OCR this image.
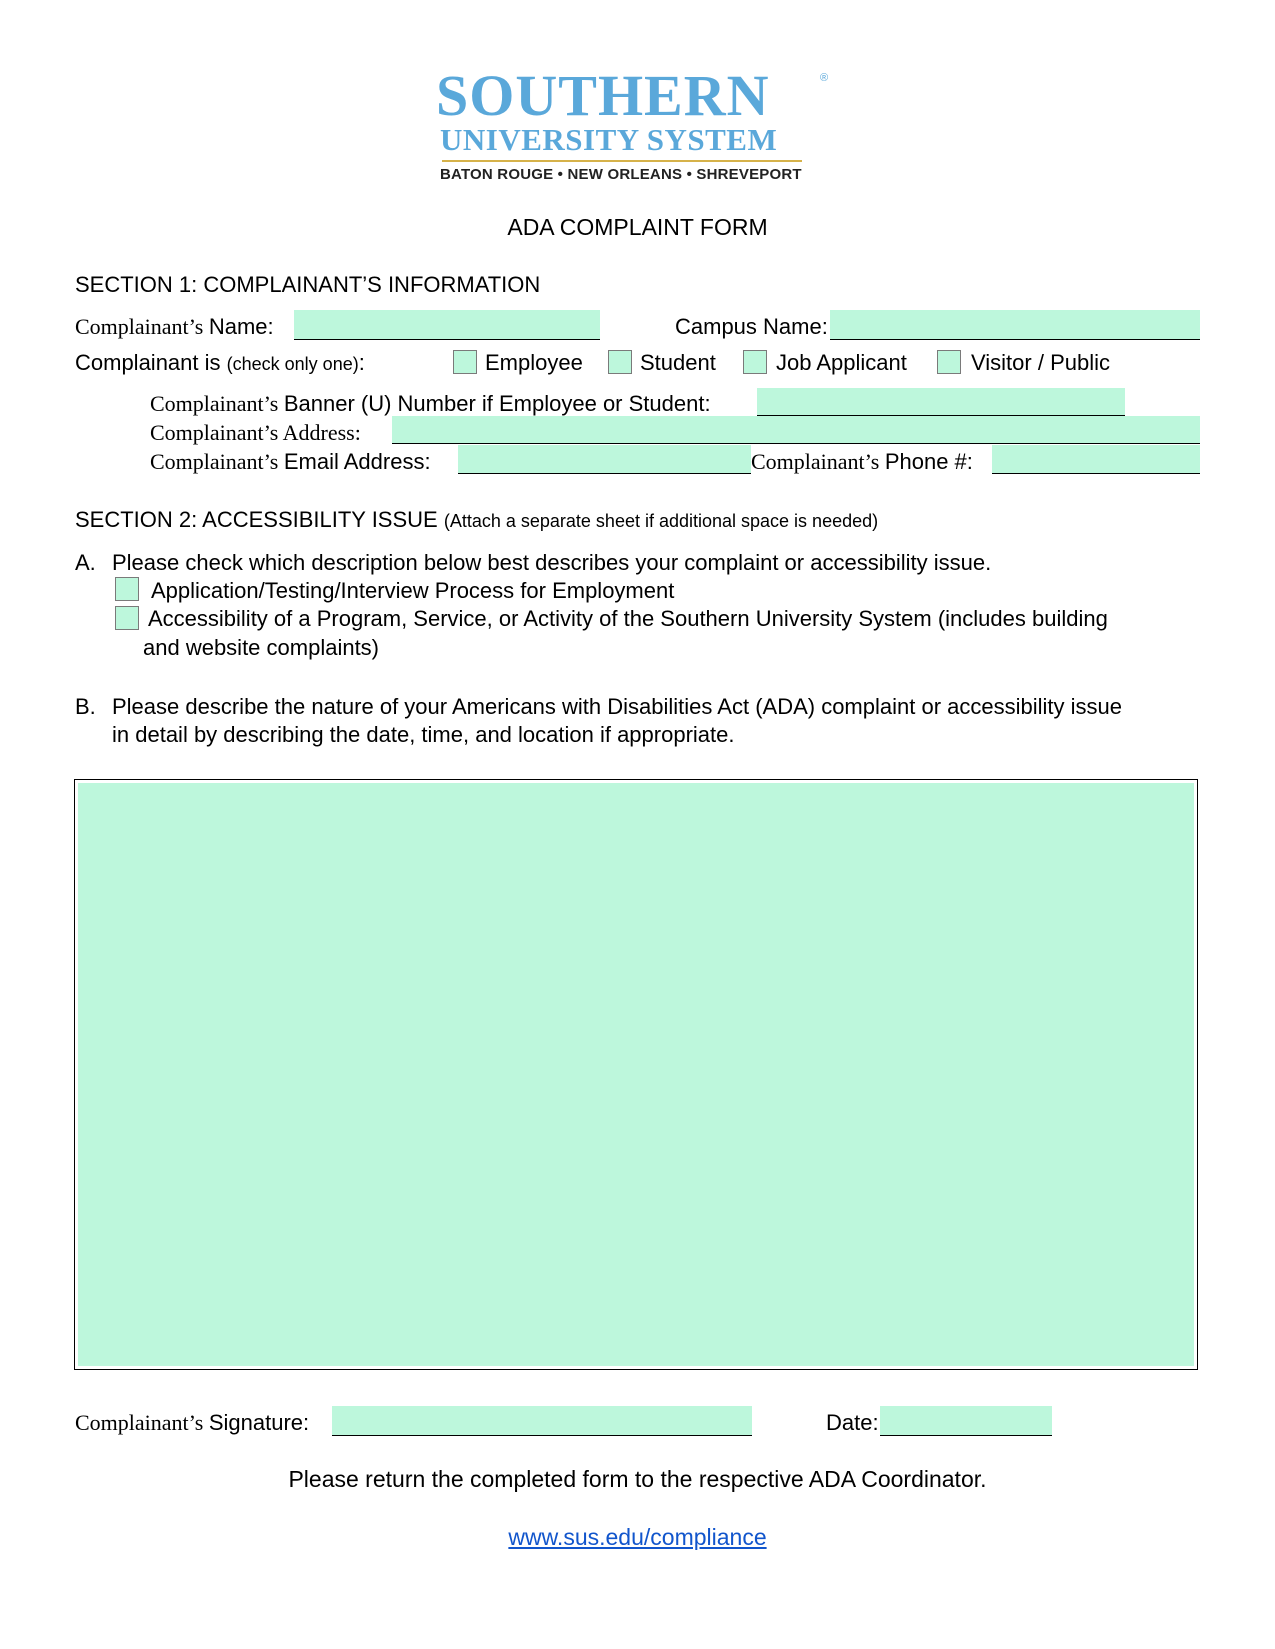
SOUTHERN	®
UNIVERSITY SYSTEM
BATON ROUGE • NEW ORLEANS • SHREVEPORT
ADA COMPLAINT FORM
SECTION 1: COMPLAINANT’S INFORMATION
Complainant’s Name:	Campus Name:
Complainant is (check only one):	Employee	Student	Job Applicant	Visitor / Public
Complainant’s Banner (U) Number if Employee or Student:
Complainant’s Address:
Complainant’s Email Address:	Complainant’s Phone #:
SECTION 2: ACCESSIBILITY ISSUE (Attach a separate sheet if additional space is needed)
A. Please check which description below best describes your complaint or accessibility issue.
Application/Testing/Interview Process for Employment
Accessibility of a Program, Service, or Activity of the Southern University System (includes building
and website complaints)
B. Please describe the nature of your Americans with Disabilities Act (ADA) complaint or accessibility issue
in detail by describing the date, time, and location if appropriate.
Complainant’s Signature:	Date:
Please return the completed form to the respective ADA Coordinator.
www.sus.edu/compliance
